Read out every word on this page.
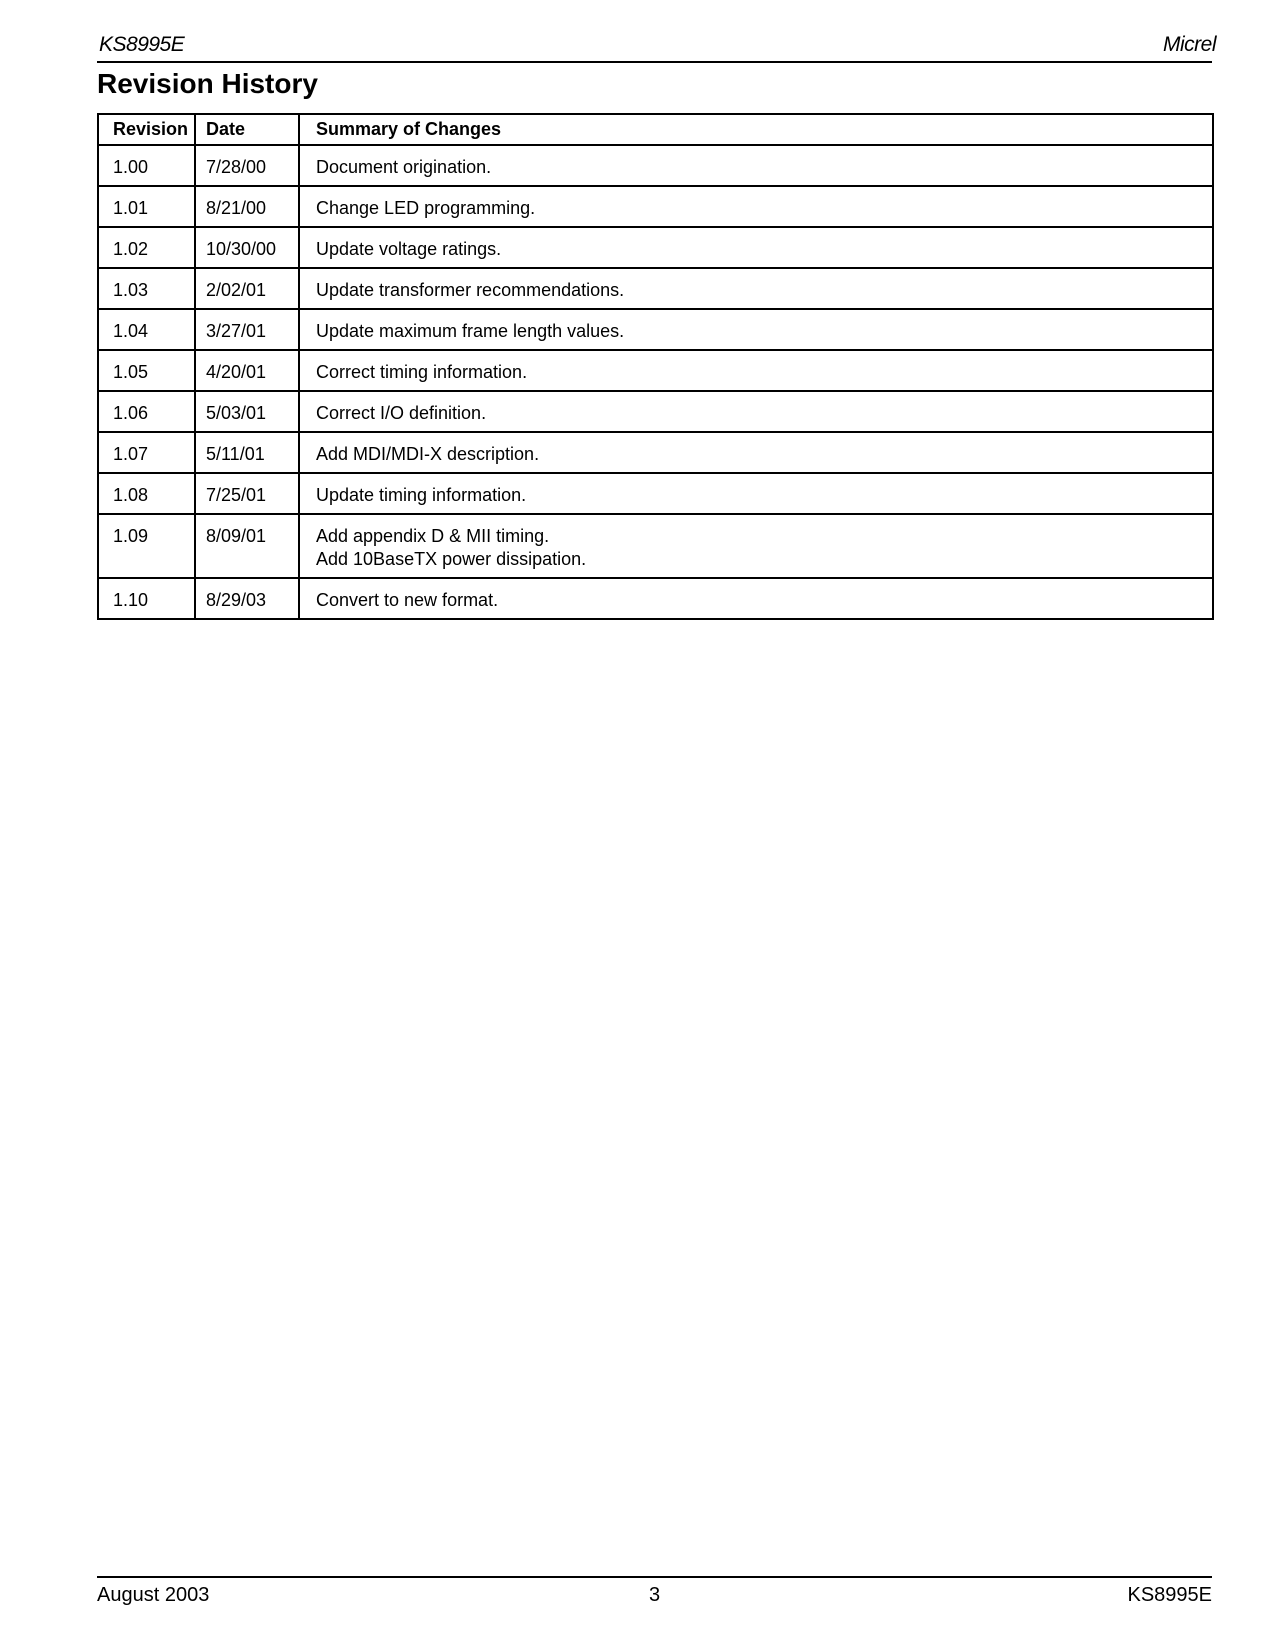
KS8995E	Micrel
Revision History
Revision	Date	Summary of Changes
1.00	7/28/00	Document origination.

1.01	8/21/00	Change LED programming.

1.02	10/30/00	Update voltage ratings.

1.03	2/02/01	Update transformer recommendations.

1.04	3/27/01	Update maximum frame length values.

1.05	4/20/01	Correct timing information.

1.06	5/03/01	Correct I/O definition.

1.07	5/11/01	Add MDI/MDI-X description.

1.08	7/25/01	Update timing information.

1.09	8/09/01	Add appendix D & MII timing.
Add 10BaseTX power dissipation.

1.10	8/29/03	Convert to new format.
August 2003	3	KS8995E
